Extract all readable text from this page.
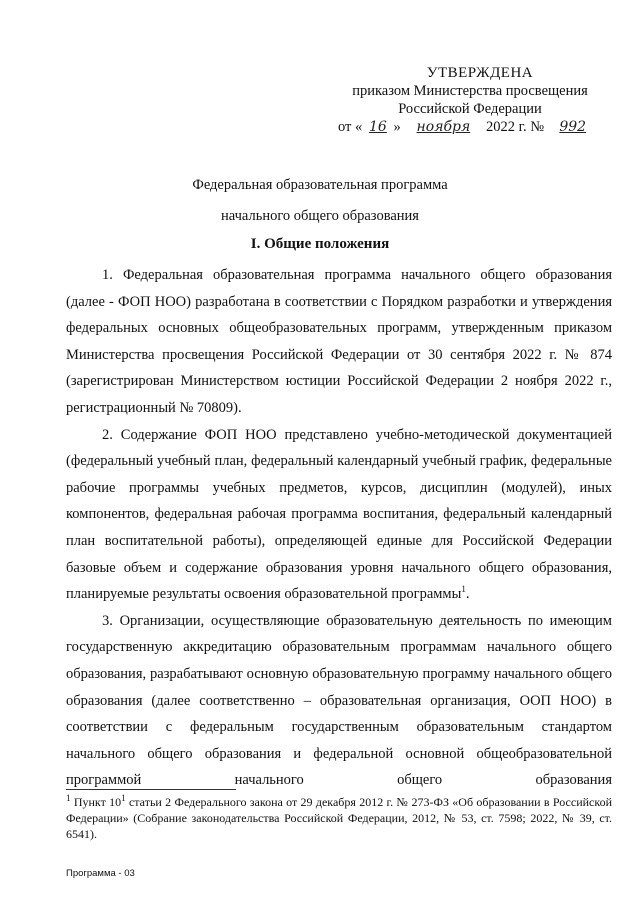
УТВЕРЖДЕНА
приказом Министерства просвещения
Российской Федерации
от « 16 » ноября 2022 г. № 992
Федеральная образовательная программа
начального общего образования
I. Общие положения

1. Федеральная образовательная программа начального общего образования (далее - ФОП НОО) разработана в соответствии с Порядком разработки и утверждения федеральных основных общеобразовательных программ, утвержденным приказом Министерства просвещения Российской Федерации от 30 сентября 2022 г. № 874 (зарегистрирован Министерством юстиции Российской Федерации 2 ноября 2022 г., регистрационный № 70809).

2. Содержание ФОП НОО представлено учебно-методической документацией (федеральный учебный план, федеральный календарный учебный график, федеральные рабочие программы учебных предметов, курсов, дисциплин (модулей), иных компонентов, федеральная рабочая программа воспитания, федеральный календарный план воспитательной работы), определяющей единые для Российской Федерации базовые объем и содержание образования уровня начального общего образования, планируемые результаты освоения образовательной программы$^1$.

3. Организации, осуществляющие образовательную деятельность по имеющим государственную аккредитацию образовательным программам начального общего образования, разрабатывают основную образовательную программу начального общего образования (далее соответственно – образовательная организация, ООП НОО) в соответствии с федеральным государственным образовательным стандартом начального общего образования и федеральной основной общеобразовательной программой начального общего образования

$^1$ Пункт $10^1$ статьи 2 Федерального закона от 29 декабря 2012 г. № 273-ФЗ «Об образовании в Российской Федерации» (Собрание законодательства Российской Федерации, 2012, № 53, ст. 7598; 2022, № 39, ст. 6541).
Программа - 03
